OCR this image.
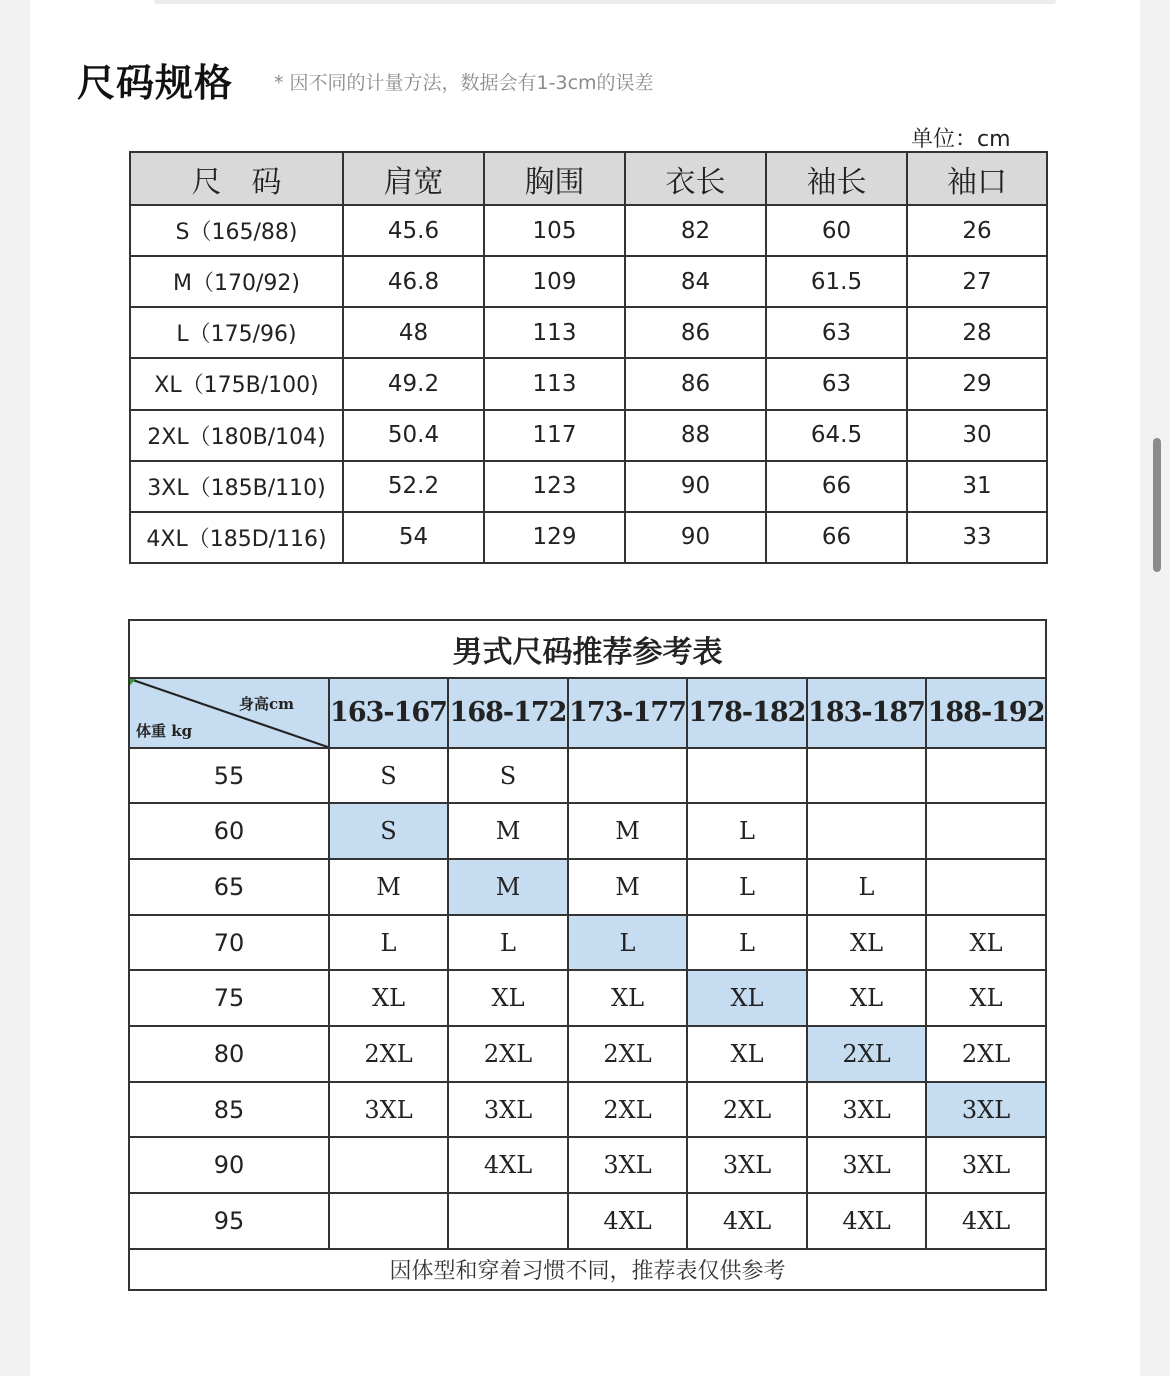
尺码规格 * 因不同的计量方法，数据会有1-3cm的误差
单位：cm
尺　码	肩宽	胸围	衣长	袖长	袖口
S（165/88)	45.6	105	82	60	26
M（170/92)	46.8	109	84	61.5	27
L（175/96)	48	113	86	63	28
XL（175B/100)	49.2	113	86	63	29
2XL（180B/104)	50.4	117	88	64.5	30
3XL（185B/110)	52.2	123	90	66	31
4XL（185D/116)	54	129	90	66	33
男式尺码推荐参考表						

身高cm
体重 kg	163-167	168-172	173-177	178-182	183-187	188-192
55	S	S				
60	S	M	M	L		
65	M	M	M	L	L	
70	L	L	L	L	XL	XL
75	XL	XL	XL	XL	XL	XL
80	2XL	2XL	2XL	XL	2XL	2XL
85	3XL	3XL	2XL	2XL	3XL	3XL
90		4XL	3XL	3XL	3XL	3XL
95			4XL	4XL	4XL	4XL
因体型和穿着习惯不同，推荐表仅供参考						
